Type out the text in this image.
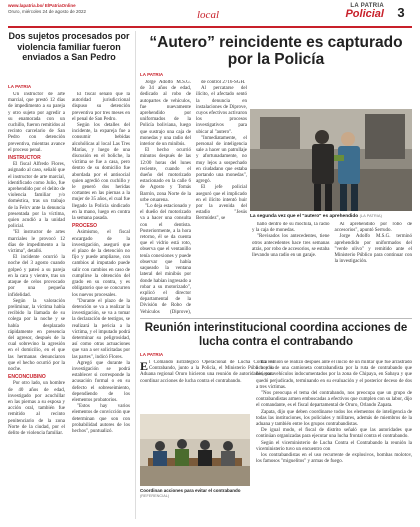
www.lapatria.bo/ ElPatriaOnline
Oruro, miércoles 24 de agosto de 2022	local
LA PATRIA
Policial	3
Dos sujetos procesados por violencia familiar fueron enviados a San Pedro
LA PATRIA

Un instructor de arte marcial, que prestó 12 días de impedimento a su pareja y otro sujeto por agredir a su enamorada con un cuchillo, fueron remitidos al recinto carcelario de San Pedro con detención preventiva, mientras avance el proceso penal.

INSTRUCTOR

El fiscal Alfredo Flores, asignado al caso, señaló que el instructor de arte marcial, identificado como Julio, fue aprehendido por el delito de violencia familiar y/o doméstica, tras un trabajo de la Felcv ante la denuncia presentada por la víctima, quien acudió a la unidad policial.

"El instructor de artes marciales le provocó 12 días de impedimento a la víctima", detalló.

El incidente ocurrió la noche del 3 agosto cuando golpeó y pateó a su pareja en la cara y vientre, tras un ataque de celos provocado por una pequeña infidelidad.

Según la valoración preliminar, la víctima había recibido la llamada de su colega por la noche y se había desplazado rápidamente en presencia del agresor, después de la cual sobrevino la agresión en el domicilio, en el que las hermanas denunciaron que el hecho ocurrió por la noche.

ENCONCUBINO

Por otro lado, un hombre de 40 años de edad, investigado por acuchillar en las piernas a su esposa y acción oral, también fue remitido al recinto penitenciario de la zona Norte de la ciudad, por el delito de violencia familiar.

El fiscal señaló que la autoridad jurisdiccional dispuso su detención preventiva por tres meses en el penal de San Pedro.

Según los detalles del incidente, la expareja fue a consumir bebidas alcohólicas al local Las Tres Marías, y luego de una discusión en el boliche, la víctima se fue a casa, pero dentro de su domicilio fue abordada por el antisocial quien agredió con cuchillo y le generó dos heridas cortantes en las piernas a la mujer de 35 años, el cual fue llegado la Policía sindicado en la mano, luego en contra la semana pasada.

PROCESO

Asimismo, el fiscal encargado de la investigación, aseguró que el plazo de la detención no fijo y puede ampliarse, con cambios al imputado puede salir con cambios en caso de cumplirse la obtención del grado en su contra, y es obligatorio que se concurren los nuevos procesales.

"Durante el plazo de la detención se va a realizar la investigación, se va a tomar la declaración de testigos, se realizará la pericia a la víctima, y el imputado podrá determinar su peligrosidad, así como otras actuaciones que van a ser solicitadas por las partes", indicó Flores.

Agregó que durante la investigación se podrá establecer si corresponde la acusación formal o en su defecto el sobreseimiento, dependiendo de los elementos probatorios.

"Estos hay varios elementos de convicción que determinan que son con probabilidad autores de los hechos", puntualizó.

“Autero” reincidente es capturado por la Policía
LA PATRIA

Jorge Adolfo M.S.G. de 34 años de edad, dedicado al robo de autopartes de vehículos, fue nuevamente aprehendido por uniformados de la Policía boliviana, luego que sustrajo una caja de monedas y una radio del interior de un minibús.

El hecho ocurrió minutos después de las 12:00 horas del lunes reciente, cuando el dueño del motorizado estacionado en la calle 6 de Agosto y Tomás Barrón, zona Norte de la urbe oruarena.

"Lo deja estacionado y el dueño del motorizado va a hacer una consulta con el dentista. Posteriormente, a la hora retorno, él se da cuenta que el vidrio está roto, observa que el ventanillo tenía conexiones y puede observar que había saqueado la ventana lateral del minibús por donde habían ingresado a robar a su motorizado", explicó el director departamental de la División de Robo de Vehículos (Diprove),

de control 2716-SGH.

Al percatarse del ilícito, el afectado sentó la denuncia en instalaciones de Diprove, cuyos efectivos activaron los procesos investigativos para ubicar al "autero".

"Inmediatamente, el personal de inteligencia sale a hacer un patrullaje y afortunadamente, no muy lejos a sospechado en ciudadano que estaba portando una monedas", agregó.

El jefe policial aseguró que el implicado en el ilícito intentó huir por la avenida del estadio "Jesús Bermúdez", se	La segunda vez que el "autero" es aprehendido (LA PATRIA)

halló dentro de su mochila, la radio y la caja de monedas.

"Revisados los antecedentes, tiene otros antecedentes hace tres semanas atrás, por robo de accesorios, se estaba llevando una radio en un garaje.

Al aprehendido por robo de accesorios", apuntó Serrudo.

Jorge Adolfo M.S.G. terminó aprehendido por uniformados del "verde olivo" y remitido ante el Ministerio Público para continuar con la investigación.

Reunión interinstitucional coordina acciones de lucha contra el contrabando
LA PATRIA

El Comando Estratégico Operacional de Lucha Contra el Contrabando, junto a la Policía, el Ministerio Público y la Aduana regional Oruro hicieron una reunión de autoridades, para coordinar acciones de lucha contra el contrabando.

Coordinan acciones para evitar el contrabando (REFERENCIAL)

La reunión se realizó después ante el inicio de un militar que fue arrastrado a bordo de una camioneta contrabandista por la ruta de contrabando que hicieron vehículos indocumentados por la zona de Chipaya, en Sabaya y que quedó perjudicado, terminando en su evaluación y el posterior deceso de dos a tres víctimas.

"Nos preocupa el tema del contrabando, nos preocupa que un grupo de contrabandistas armen emboscadas a efectivos que cumplen con su labor, dijo el comandante, es el fiscal departamental de Oruro, Orlando Zapata.

Zapata, dijo que deben coordinarse todos los elementos de inteligencia de todas las instituciones, los policiales y militares, además de miembros de la aduana y también entre los grupos contrabandistas.

De igual modo, el fiscal de distrito señaló que las autoridades que continúan organizadas para ejecutar una lucha frontal contra el contrabando.

Según el viceministerio de Lucha Contra el Contrabando la reunión la viceministerio tuvo un encuentro con

los contrabandistas en el uso recurrente de explosivos, bombas molotov, los famosos "miguelitos" y armas de fuego.
